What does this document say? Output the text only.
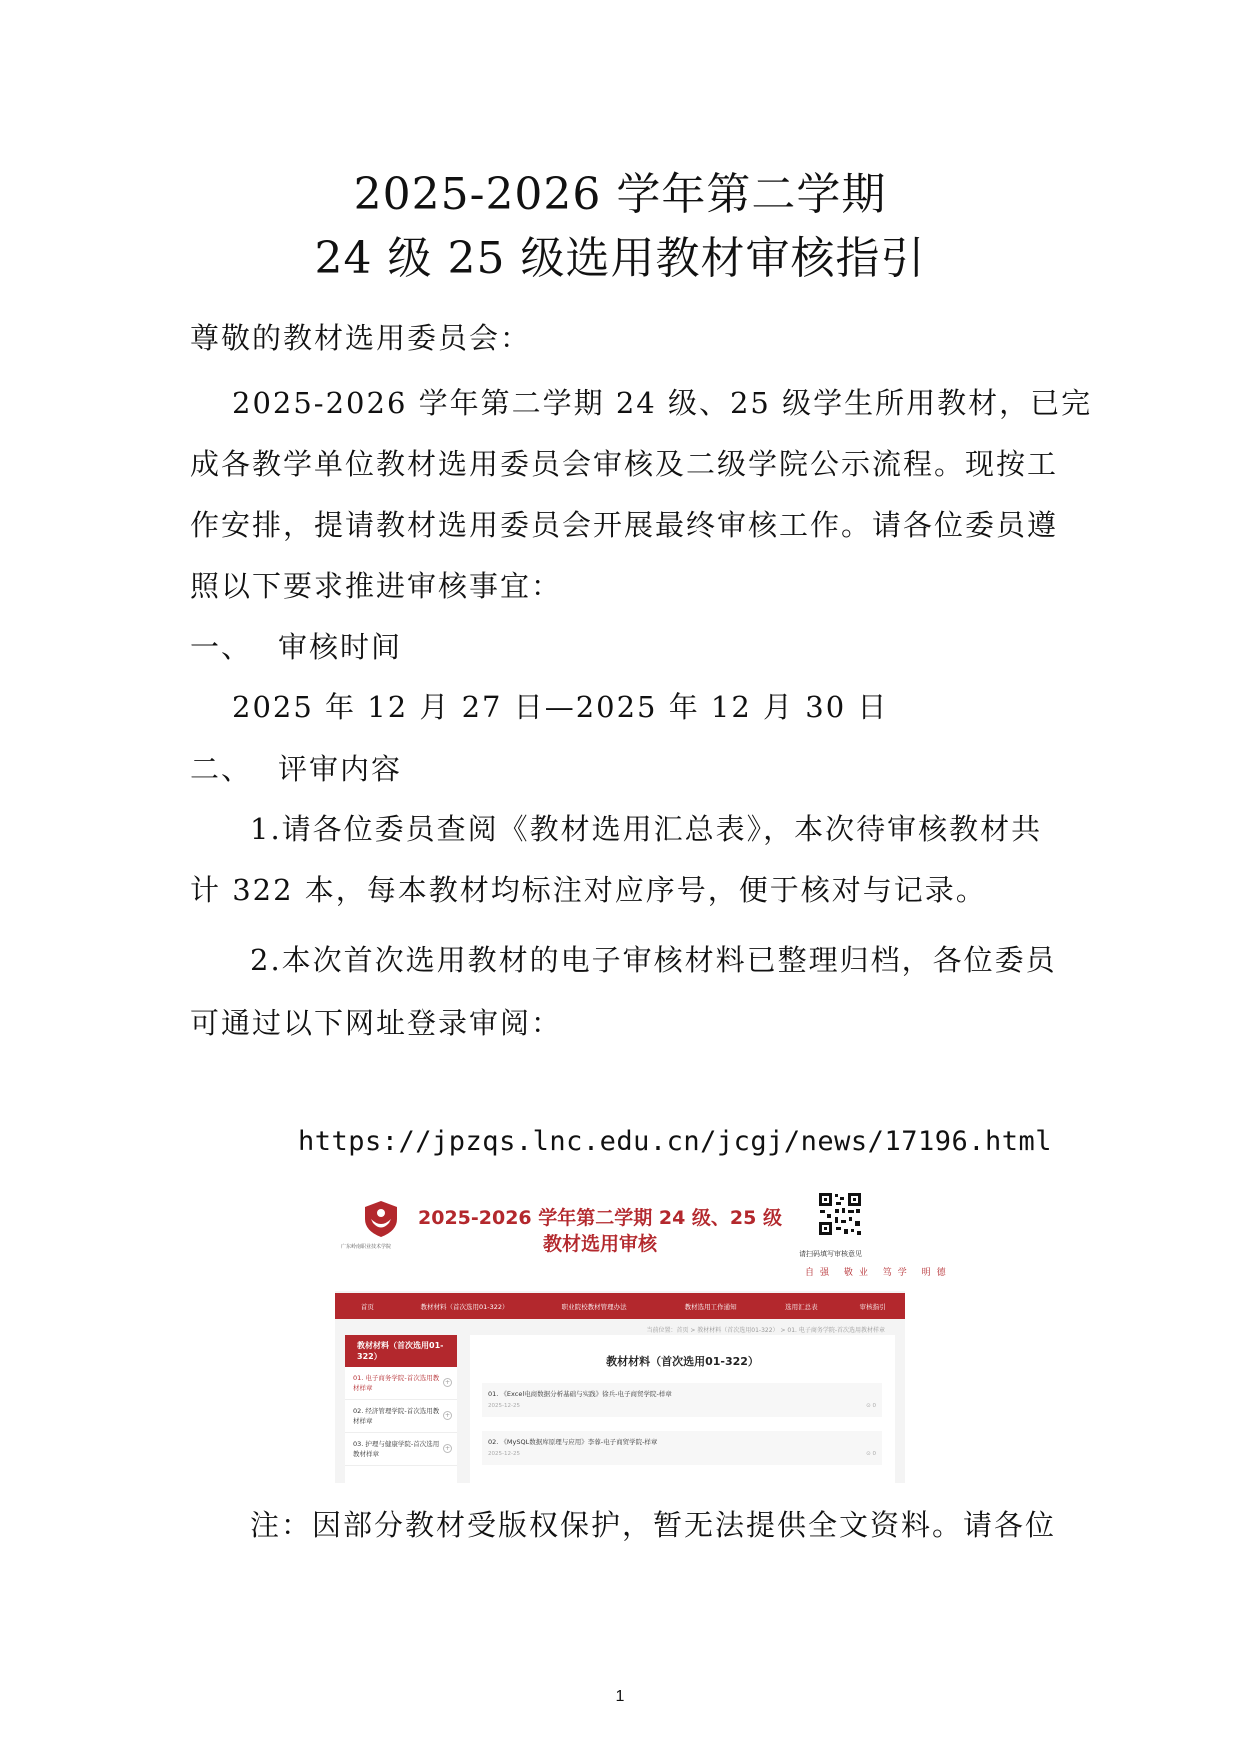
2025-2026 学年第二学期
24 级 25 级选用教材审核指引
尊敬的教材选用委员会：
2025-2026 学年第二学期 24 级、25 级学生所用教材，已完
成各教学单位教材选用委员会审核及二级学院公示流程。现按工
作安排，提请教材选用委员会开展最终审核工作。请各位委员遵
照以下要求推进审核事宜：
一、 审核时间
2025 年 12 月 27 日—2025 年 12 月 30 日
二、 评审内容
1.请各位委员查阅《教材选用汇总表》，本次待审核教材共
计 322 本，每本教材均标注对应序号，便于核对与记录。
2.本次首次选用教材的电子审核材料已整理归档，各位委员
可通过以下网址登录审阅：
https://jpzqs.lnc.edu.cn/jcgj/news/17196.html
广东岭南职业技术学院
2025-2026 学年第二学期 24 级、25 级
教材选用审核	请扫码填写审核意见
自强 敬业 笃学 明德
首页	教材材料（首次选用01-322）	职业院校教材管理办法	教材选用工作通知	选用汇总表	审核指引
当前位置：首页 > 教材材料（首次选用01-322） > 01. 电子商务学院-首次选用教材样章
教材材料（首次选用01-322）
01. 电子商务学院-首次选用教材样章
+
02. 经济管理学院-首次选用教材样章
+
03. 护理与健康学院-首次选用教材样章
+
教材材料（首次选用01-322）
01. 《Excel电商数据分析基础与实践》徐兵-电子商贸学院-样章
2025-12-25	⊙ 0
02. 《MySQL数据库原理与应用》李蓉-电子商贸学院-样章
2025-12-25	⊙ 0
注：因部分教材受版权保护，暂无法提供全文资料。请各位
1
